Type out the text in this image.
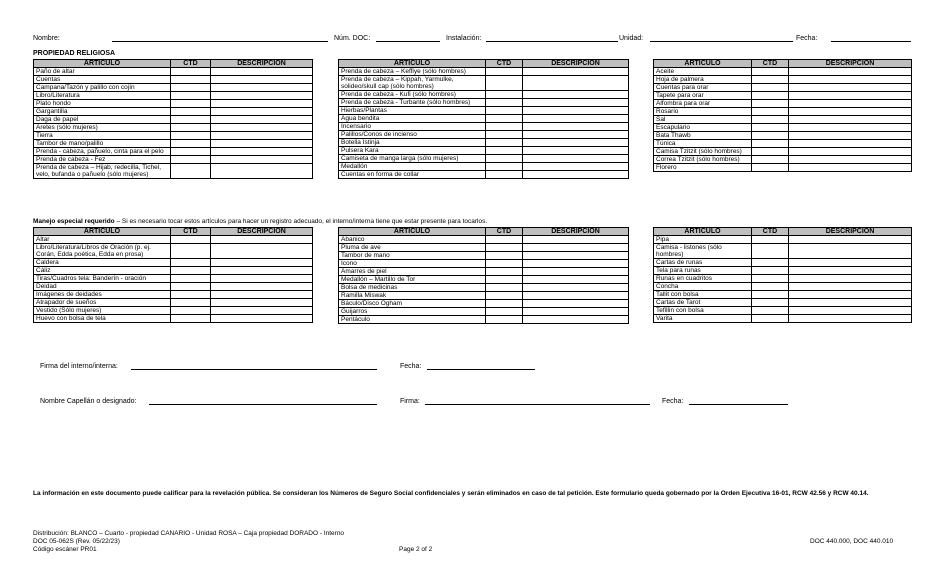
Nombre:	Núm. DOC:	Instalación:	Unidad:	Fecha:
PROPIEDAD RELIGIOSA
ARTICULO	CTD	DESCRIPCION
Paño de altar		
Cuentas		
Campana/Tazón y palillo con cojín		
Libro/Literatura		
Plato hondo		
Gargantilla		
Daga de papel		
Aretes (sólo mujeres)		
Tierra		
Tambor de mano/palillo		
Prenda - cabeza, pañuelo, cinta para el pelo		
Prenda de cabeza - Fez		
Prenda de cabeza – Hijab, redecilla, Tichel, velo, bufanda o pañuelo (sólo mujeres)		
ARTICULO	CTD	DESCRIPCION
Prenda de cabeza – Keffiye (sólo hombres)		
Prenda de cabeza – Kippah, Yarmulke, solideo/skull cap (sólo hombres)		
Prenda de cabeza - Kufi (sólo hombres)		
Prenda de cabeza - Turbante (sólo hombres)		
Hierbas/Plantas		
Agua bendita		
Incensario		
Palillos/Conos de incienso		
Botella Istinja		
Pulsera Kara		
Camiseta de manga larga (sólo mujeres)		
Medallón		
Cuentas en forma de collar		
ARTICULO	CTD	DESCRIPCION
Aceite		
Hoja de palmera		
Cuentas para orar		
Tapete para orar		
Alfombra para orar		
Rosario		
Sal		
Escapulario		
Bata Thawb		
Túnica		
Camisa Tzitzit (sólo hombres)		
Correa Tzitzit (sólo hombres)		
Florero		
Manejo especial requerido – Si es necesario tocar estos artículos para hacer un registro adecuado, el interno/interna tiene que estar presente para tocarlos.
ARTICULO	CTD	DESCRIPCION
Altar		
Libro/Literatura/Libros de Oración (p. ej. Corán, Edda poética, Edda en prosa)		
Caldera		
Cáliz		
Tiras/Cuadros tela: Banderín - oración		
Deidad		
Imágenes de deidades		
Atrapador de sueños		
Vestido (Sólo mujeres)		
Huevo con bolsa de tela		
ARTICULO	CTD	DESCRIPCION
Abanico		
Pluma de ave		
Tambor de mano		
Icono		
Amarres de piel		
Medallón – Martillo de Tor		
Bolsa de medicinas		
Ramilla Miswak		
Báculo/Disco Ogham		
Guijarros		
Pentáculo		
ARTICULO	CTD	DESCRIPCION
Pipa		
Camisa - listones (sólo hombres)		
Cartas de runas		
Tela para runas		
Runas en cuadritos		
Concha		
Tallit con bolsa		
Cartas de Tarot		
Tefillin con bolsa		
Varita		
Firma del interno/interna:	Fecha:
Nombre Capellán o designado:	Firma:	Fecha:
La información en este documento puede calificar para la revelación pública. Se consideran los Números de Seguro Social confidenciales y serán eliminados en caso de tal petición. Este formulario queda gobernado por la Orden Ejecutiva 16-01, RCW 42.56 y RCW 40.14.
Distribución: BLANCO – Cuarto - propiedad CANARIO - Unidad ROSA – Caja propiedad DORADO - Interno
DOC 05-062S (Rev. 05/22/23)
Código escáner PR01	Page 2 of 2
DOC 440.000, DOC 440.010
